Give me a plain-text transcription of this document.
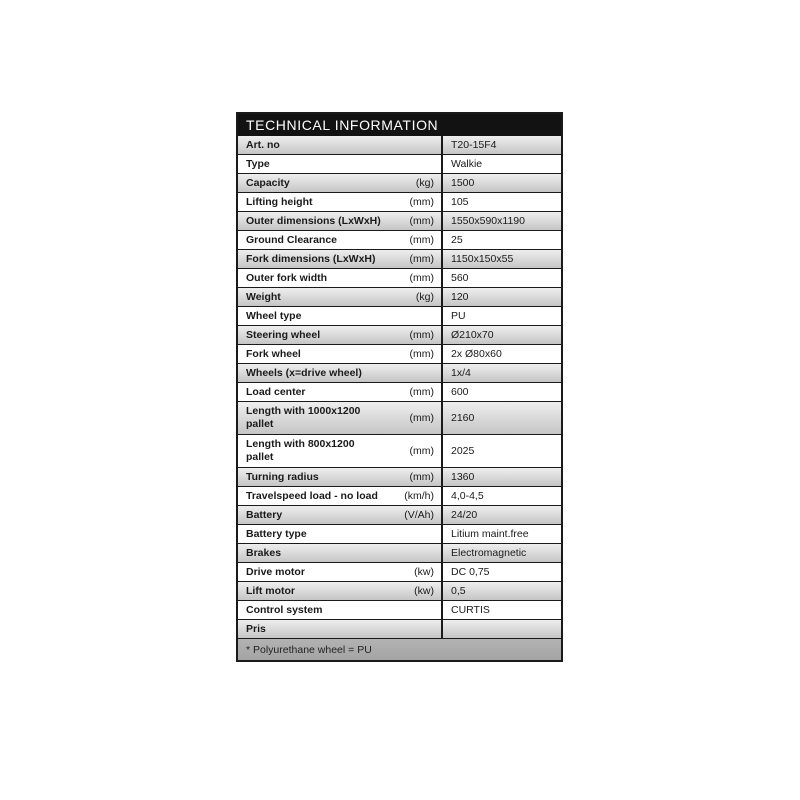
TECHNICAL INFORMATION
Art. no	T20-15F4
Type	Walkie
Capacity	(kg)	1500
Lifting height	(mm)	105
Outer dimensions (LxWxH)	(mm)	1550x590x1190
Ground Clearance	(mm)	25
Fork dimensions (LxWxH)	(mm)	1150x150x55
Outer fork width	(mm)	560
Weight	(kg)	120
Wheel type	PU
Steering wheel	(mm)	Ø210x70
Fork wheel	(mm)	2x Ø80x60
Wheels (x=drive wheel)	1x/4
Load center	(mm)	600
Length with 1000x1200 pallet	(mm)	2160
Length with 800x1200 pallet	(mm)	2025
Turning radius	(mm)	1360
Travelspeed load - no load	(km/h)	4,0-4,5
Battery	(V/Ah)	24/20
Battery type	Litium maint.free
Brakes	Electromagnetic
Drive motor	(kw)	DC 0,75
Lift motor	(kw)	0,5
Control system	CURTIS
Pris
* Polyurethane wheel = PU
